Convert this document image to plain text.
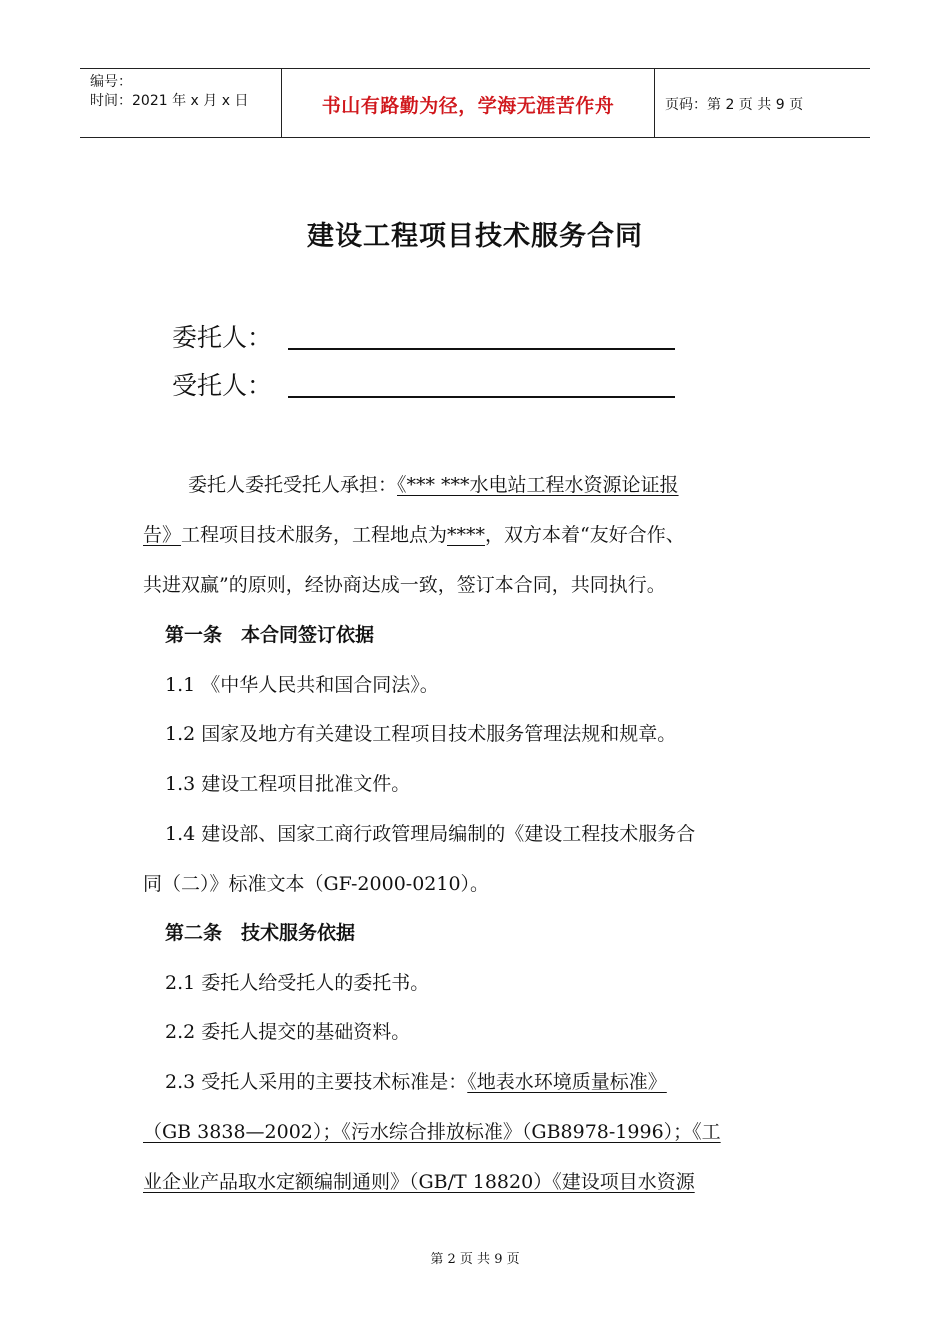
编号：
时间：2021 年 x 月 x 日	书山有路勤为径，学海无涯苦作舟	页码：第 2 页 共 9 页
建设工程项目技术服务合同
委托人：
受托人：
委托人委托受托人承担：《*** ***水电站工程水资源论证报
告》工程项目技术服务，工程地点为****，双方本着“友好合作、
共进双赢”的原则，经协商达成一致，签订本合同，共同执行。
第一条　本合同签订依据
1.1 《中华人民共和国合同法》。
1.2 国家及地方有关建设工程项目技术服务管理法规和规章。
1.3 建设工程项目批准文件。
1.4 建设部、国家工商行政管理局编制的《建设工程技术服务合
同（二）》标准文本（GF-2000-0210）。
第二条　技术服务依据
2.1 委托人给受托人的委托书。
2.2 委托人提交的基础资料。
2.3 受托人采用的主要技术标准是：《地表水环境质量标准》
（GB 3838—2002）；《污水综合排放标准》（GB8978-1996）；《工
业企业产品取水定额编制通则》（GB/T 18820）《建设项目水资源
第 2 页 共 9 页
